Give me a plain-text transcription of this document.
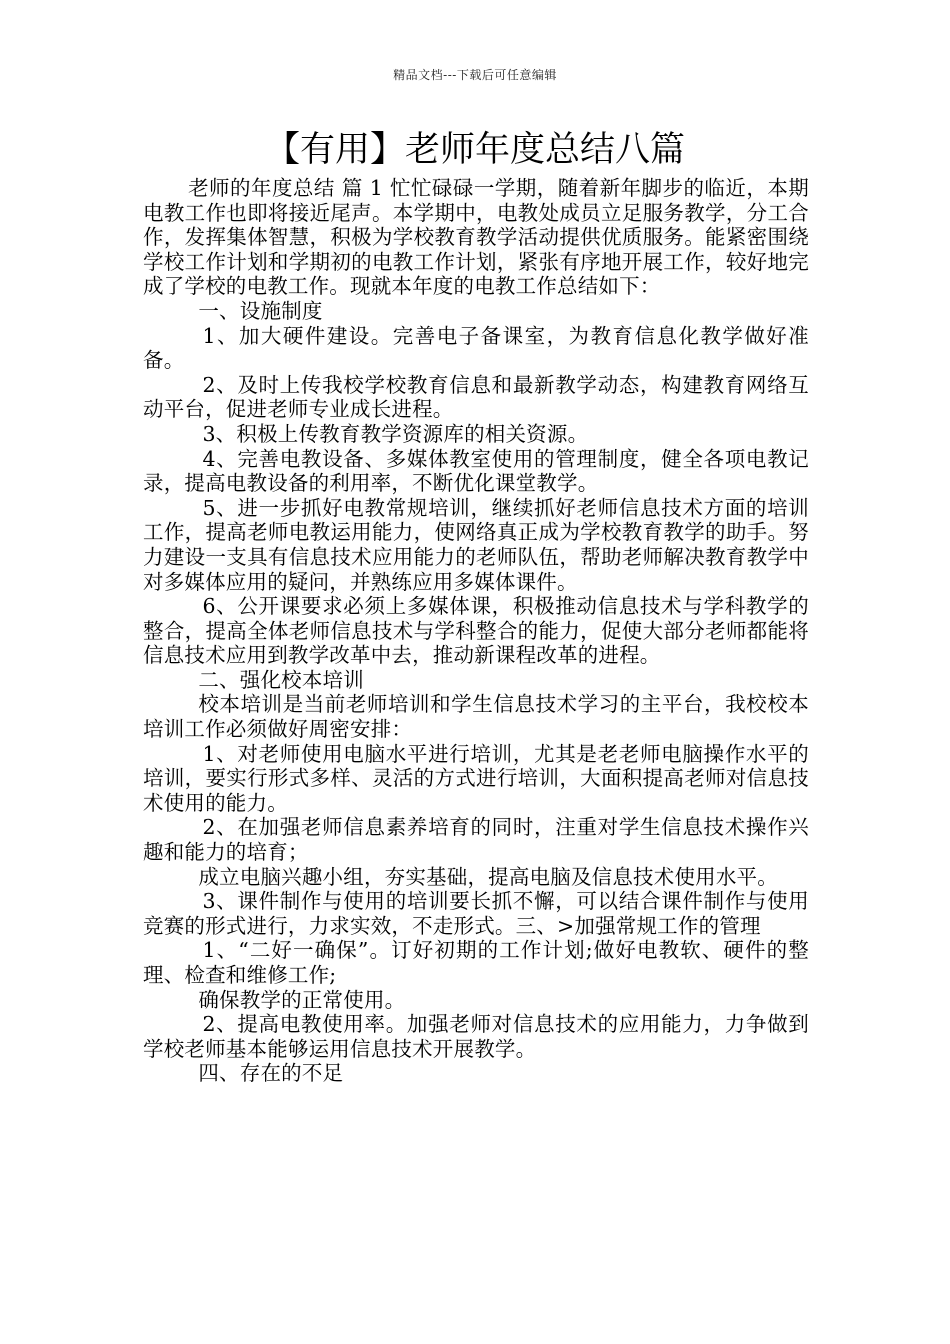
精品文档---下载后可任意编辑
【有用】老师年度总结八篇

老师的年度总结 篇 1 忙忙碌碌一学期，随着新年脚步的临近，本期电教工作也即将接近尾声。本学期中，电教处成员立足服务教学，分工合作，发挥集体智慧，积极为学校教育教学活动提供优质服务。能紧密围绕学校工作计划和学期初的电教工作计划，紧张有序地开展工作，较好地完成了学校的电教工作。现就本年度的电教工作总结如下：

一、设施制度

1、加大硬件建设。完善电子备课室，为教育信息化教学做好准备。

2、及时上传我校学校教育信息和最新教学动态，构建教育网络互动平台，促进老师专业成长进程。

3、积极上传教育教学资源库的相关资源。

4、完善电教设备、多媒体教室使用的管理制度，健全各项电教记录，提高电教设备的利用率，不断优化课堂教学。

5、进一步抓好电教常规培训，继续抓好老师信息技术方面的培训工作，提高老师电教运用能力，使网络真正成为学校教育教学的助手。努力建设一支具有信息技术应用能力的老师队伍，帮助老师解决教育教学中对多媒体应用的疑问，并熟练应用多媒体课件。

6、公开课要求必须上多媒体课，积极推动信息技术与学科教学的整合，提高全体老师信息技术与学科整合的能力，促使大部分老师都能将信息技术应用到教学改革中去，推动新课程改革的进程。

二、强化校本培训

校本培训是当前老师培训和学生信息技术学习的主平台，我校校本培训工作必须做好周密安排：

1、对老师使用电脑水平进行培训，尤其是老老师电脑操作水平的培训，要实行形式多样、灵活的方式进行培训，大面积提高老师对信息技术使用的能力。

2、在加强老师信息素养培育的同时，注重对学生信息技术操作兴趣和能力的培育；

成立电脑兴趣小组，夯实基础，提高电脑及信息技术使用水平。

3、课件制作与使用的培训要长抓不懈，可以结合课件制作与使用竞赛的形式进行，力求实效，不走形式。三、>加强常规工作的管理

1、“二好一确保”。订好初期的工作计划;做好电教软、硬件的整理、检查和维修工作;

确保教学的正常使用。

2、提高电教使用率。加强老师对信息技术的应用能力，力争做到学校老师基本能够运用信息技术开展教学。

四、存在的不足
